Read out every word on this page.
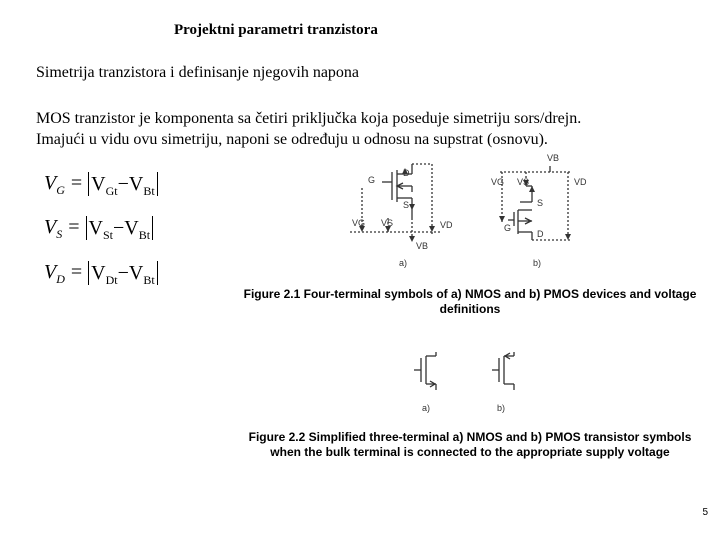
Projektni parametri tranzistora
Simetrija tranzistora i definisanje njegovih napona
MOS tranzistor je komponenta sa četiri priključka koja poseduje simetriju sors/drejn.
Imajući u vidu ovu simetriju, naponi se određuju u odnosu na supstrat (osnovu).
$V_G = V_{Gt}-V_{Bt}$
$V_S = V_{St}-V_{Bt}$
$V_D = V_{Dt}-V_{Bt}$
G
D
S
VG VS	VD
VB
a)
VB
VG VS	VD
S
G
D
b)
Figure 2.1 Four-terminal symbols of a) NMOS and b) PMOS devices and voltage
definitions
a)	b)
Figure 2.2 Simplified three-terminal a) NMOS and b) PMOS transistor symbols
when the bulk terminal is connected to the appropriate supply voltage
5
